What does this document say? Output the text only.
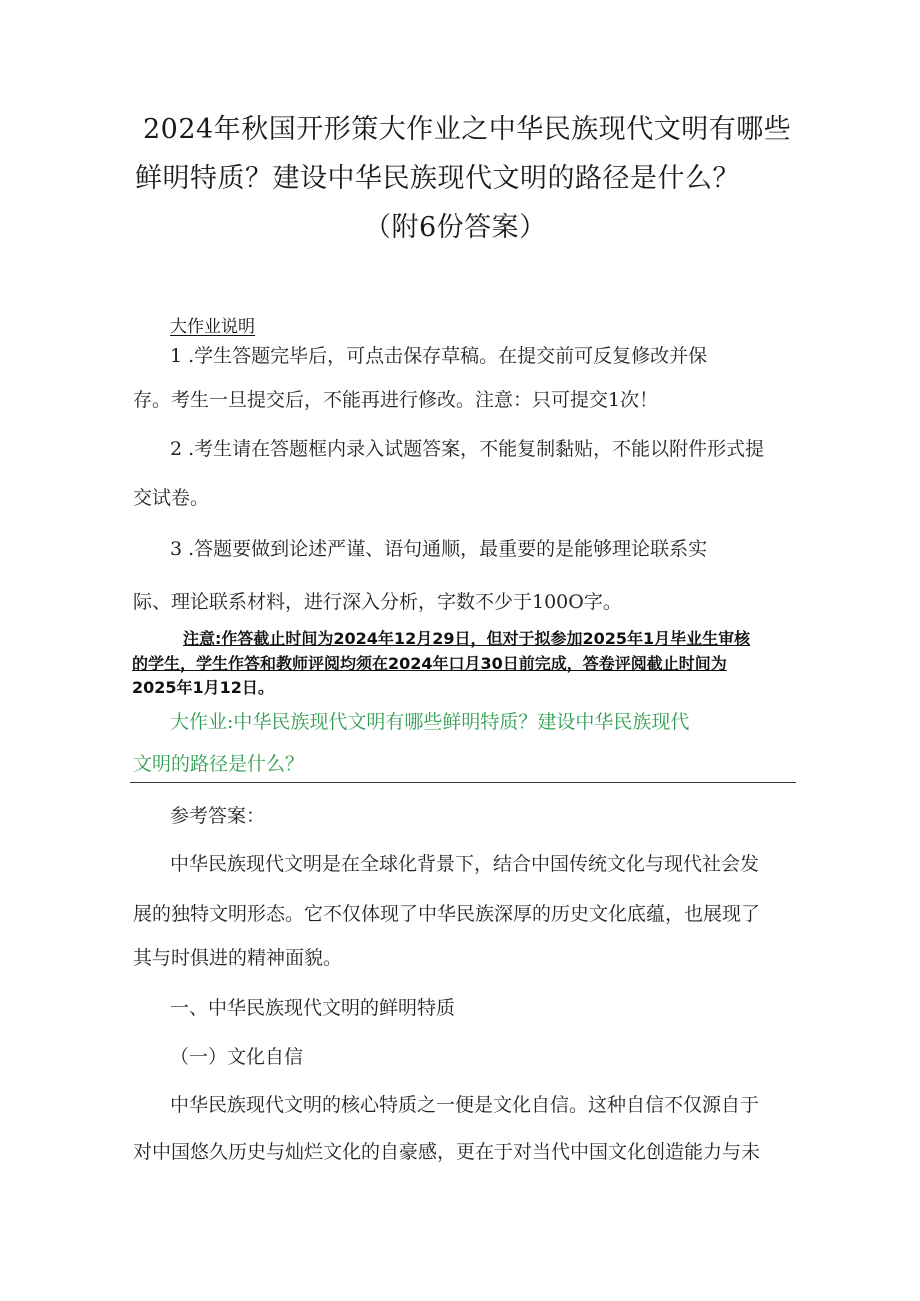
2024年秋国开形策大作业之中华民族现代文明有哪些
鲜明特质？建设中华民族现代文明的路径是什么？
（附6份答案）
大作业说明
1 .学生答题完毕后，可点击保存草稿。在提交前可反复修改并保
存。考生一旦提交后，不能再进行修改。注意：只可提交1次！
2 .考生请在答题框内录入试题答案，不能复制黏贴，不能以附件形式提
交试卷。
3 .答题要做到论述严谨、语句通顺，最重要的是能够理论联系实
际、理论联系材料，进行深入分析，字数不少于100O字。
注意:作答截止时间为2024年12月29日，但对于拟参加2025年1月毕业生审核
的学生，学生作答和教师评阅均须在2024年口月30日前完成，答卷评阅截止时间为
2025年1月12日。
大作业:中华民族现代文明有哪些鲜明特质？建设中华民族现代
文明的路径是什么？
参考答案：
中华民族现代文明是在全球化背景下，结合中国传统文化与现代社会发
展的独特文明形态。它不仅体现了中华民族深厚的历史文化底蕴，也展现了
其与时俱进的精神面貌。
一、中华民族现代文明的鲜明特质
（一）文化自信
中华民族现代文明的核心特质之一便是文化自信。这种自信不仅源自于
对中国悠久历史与灿烂文化的自豪感，更在于对当代中国文化创造能力与未
